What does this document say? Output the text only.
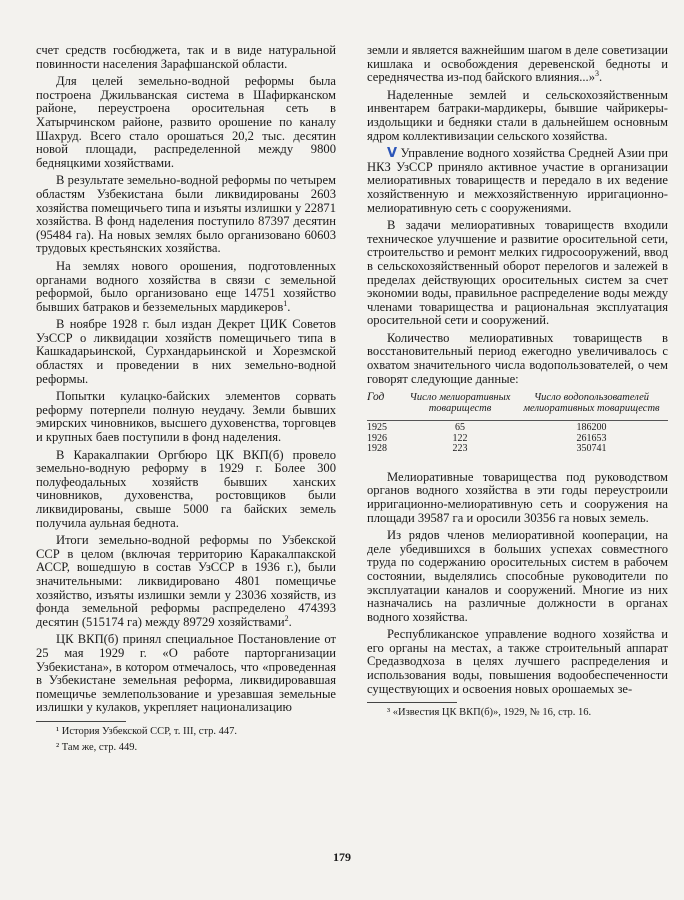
счет средств госбюджета, так и в виде натуральной повинности населения Зарафшанской области.

Для целей земельно-водной реформы была построена Джильванская система в Шафирканском районе, переустроена оросительная сеть в Хатырчинском районе, развито орошение по каналу Шахруд. Всего стало орошаться 20,2 тыс. десятин новой площади, распределенной между 9800 бедняцкими хозяйствами.

В результате земельно-водной реформы по четырем областям Узбекистана были ликвидированы 2603 хозяйства помещичьего типа и изъяты излишки у 22871 хозяйства. В фонд наделения поступило 87397 десятин (95484 га). На новых землях было организовано 60603 трудовых крестьянских хозяйства.

На землях нового орошения, подготовленных органами водного хозяйства в связи с земельной реформой, было организовано еще 14751 хозяйство бывших батраков и безземельных мардикеров$^1$.

В ноябре 1928 г. был издан Декрет ЦИК Советов УзССР о ликвидации хозяйств помещичьего типа в Кашкадарьинской, Сурхандарьинской и Хорезмской областях и проведении в них земельно-водной реформы.

Попытки кулацко-байских элементов сорвать реформу потерпели полную неудачу. Земли бывших эмирских чиновников, высшего духовенства, торговцев и крупных баев поступили в фонд наделения.

В Каракалпакии Оргбюро ЦК ВКП(б) провело земельно-водную реформу в 1929 г. Более 300 полуфеодальных хозяйств бывших ханских чиновников, духовенства, ростовщиков были ликвидированы, свыше 5000 га байских земель получила аульная беднота.

Итоги земельно-водной реформы по Узбекской ССР в целом (включая территорию Каракалпакской АССР, вошедшую в состав УзССР в 1936 г.), были значительными: ликвидировано 4801 помещичье хозяйство, изъяты излишки земли у 23036 хозяйств, из фонда земельной реформы распределено 474393 десятин (515174 га) между 89729 хозяйствами$^2$.

ЦК ВКП(б) принял специальное Постановление от 25 мая 1929 г. «О работе парторганизации Узбекистана», в котором отмечалось, что «проведенная в Узбекистане земельная реформа, ликвидировавшая помещичье землепользование и урезавшая земельные излишки у кулаков, укрепляет национализацию

¹ История Узбекской ССР, т. III, стр. 447.

² Там же, стр. 449.

земли и является важнейшим шагом в деле советизации кишлака и освобождения деревенской бедноты и середнячества из-под байского влияния...»$^3$.

Наделенные землей и сельскохозяйственным инвентарем батраки-мардикеры, бывшие чайрикеры-издольщики и бедняки стали в дальнейшем основным ядром коллективизации сельского хозяйства.

V Управление водного хозяйства Средней Азии при НКЗ УзССР приняло активное участие в организации мелиоративных товариществ и передало в их ведение хозяйственную и межхозяйственную ирригационно-мелиоративную сеть с сооружениями.

В задачи мелиоративных товариществ входили техническое улучшение и развитие оросительной сети, строительство и ремонт мелких гидросооружений, ввод в сельскохозяйственный оборот перелогов и залежей в пределах действующих оросительных систем за счет экономии воды, правильное распределение воды между членами товарищества и рациональная эксплуатация оросительной сети и сооружений.

Количество мелиоративных товариществ в восстановительный период ежегодно увеличивалось с охватом значительного числа водопользователей, о чем говорят следующие данные:

Год	Число мелиоративных товариществ	Число водопользователей мелиоративных товариществ
1925	65	186200
1926	122	261653
1928	223	350741

Мелиоративные товарищества под руководством органов водного хозяйства в эти годы переустроили ирригационно-мелиоративную сеть и сооружения на площади 39587 га и оросили 30356 га новых земель.

Из рядов членов мелиоративной кооперации, на деле убедившихся в больших успехах совместного труда по содержанию оросительных систем в рабочем состоянии, выделялись способные руководители по эксплуатации каналов и сооружений. Многие из них назначались на различные должности в органах водного хозяйства.

Республиканское управление водного хозяйства и его органы на местах, а также строительный аппарат Средазводхоза в целях лучшего распределения и использования воды, повышения водообеспеченности существующих и освоения новых орошаемых зе-

³ «Известия ЦК ВКП(б)», 1929, № 16, стр. 16.

179
